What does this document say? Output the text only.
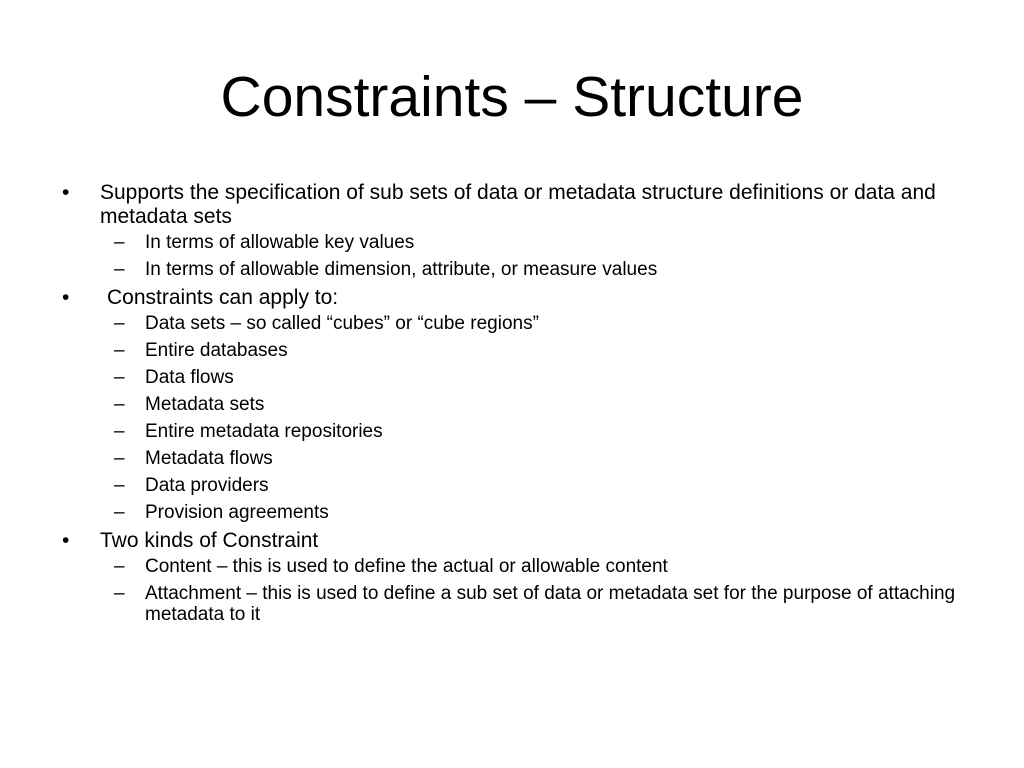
Constraints – Structure
• Supports the specification of sub sets of data or metadata structure definitions or data and metadata sets
– In terms of allowable key values
– In terms of allowable dimension, attribute, or measure values
•	Constraints can apply to:
– Data sets – so called “cubes” or “cube regions”
– Entire databases
– Data flows
– Metadata sets
– Entire metadata repositories
– Metadata flows
– Data providers
– Provision agreements
• Two kinds of Constraint
– Content – this is used to define the actual or allowable content
– Attachment – this is used to define a sub set of data or metadata set for the purpose of attaching metadata to it
